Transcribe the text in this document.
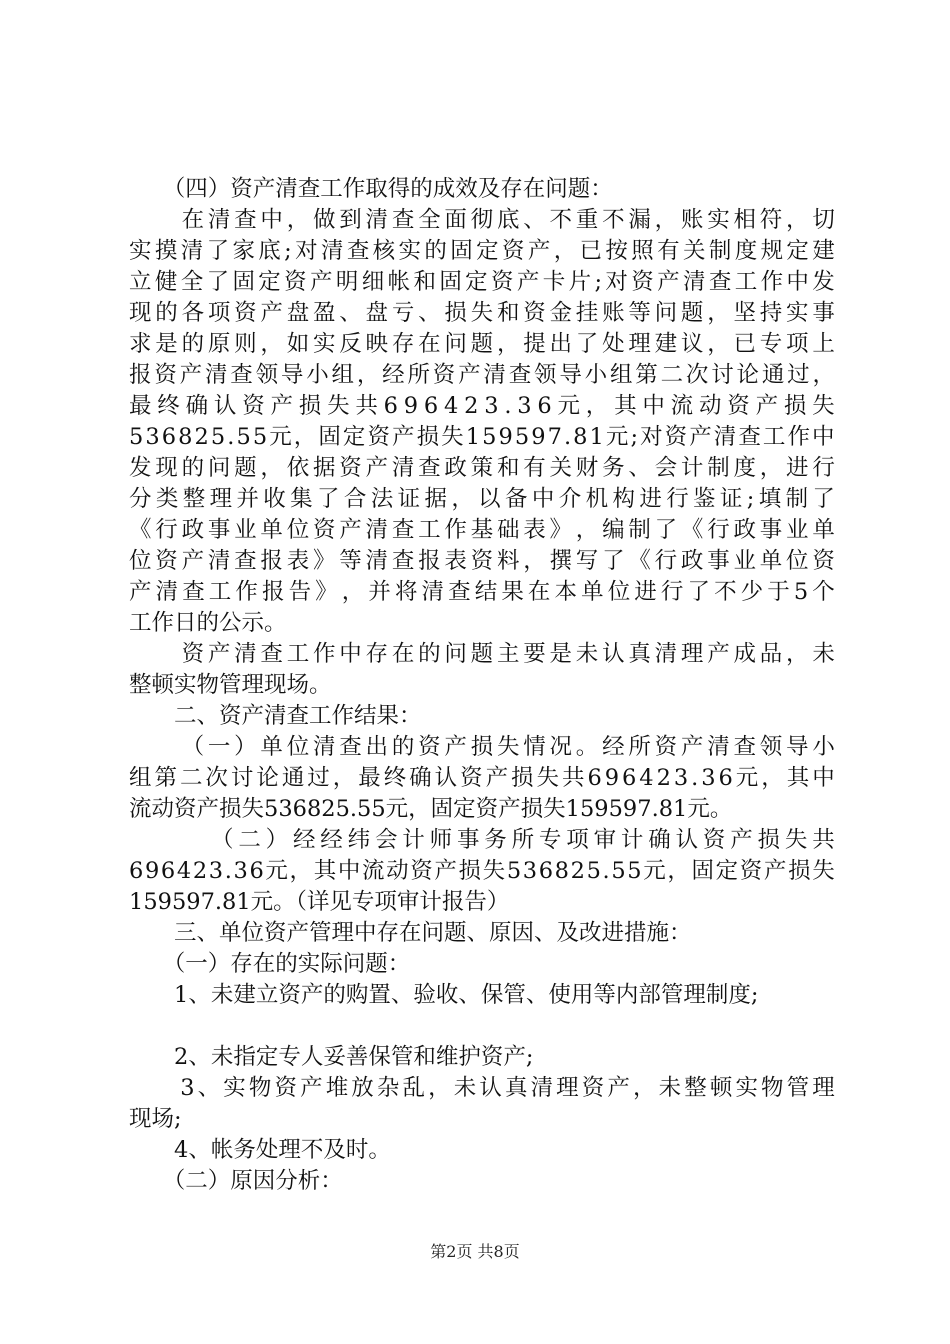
　　（四）资产清查工作取得的成效及存在问题：

在 清 查 中 ， 做 到 清 查 全 面 彻 底 、 不 重 不 漏 ， 账 实 相 符 ， 切
实 摸 清 了 家 底 ; 对 清 查 核 实 的 固 定 资 产 ， 已 按 照 有 关 制 度 规 定 建
立 健 全 了 固 定 资 产 明 细 帐 和 固 定 资 产 卡 片 ; 对 资 产 清 查 工 作 中 发
现 的 各 项 资 产 盘 盈 、 盘 亏 、 损 失 和 资 金 挂 账 等 问 题 ， 坚 持 实 事
求 是 的 原 则 ， 如 实 反 映 存 在 问 题 ， 提 出 了 处 理 建 议 ， 已 专 项 上
报 资 产 清 查 领 导 小 组 ， 经 所 资 产 清 查 领 导 小 组 第 二 次 讨 论 通 过 ，
最 终 确 认 资 产 损 失 共 6 9 6 4 2 3 . 3 6 元 ， 其 中 流 动 资 产 损 失
5 3 6 8 2 5 . 5 5 元 ， 固 定 资 产 损 失 1 5 9 5 9 7 . 8 1 元 ; 对 资 产 清 查 工 作 中
发 现 的 问 题 ， 依 据 资 产 清 查 政 策 和 有 关 财 务 、 会 计 制 度 ， 进 行
分 类 整 理 并 收 集 了 合 法 证 据 ， 以 备 中 介 机 构 进 行 鉴 证 ; 填 制 了
《 行 政 事 业 单 位 资 产 清 查 工 作 基 础 表 》 ， 编 制 了 《 行 政 事 业 单
位 资 产 清 查 报 表 》 等 清 查 报 表 资 料 ， 撰 写 了 《 行 政 事 业 单 位 资
产 清 查 工 作 报 告 》 ， 并 将 清 查 结 果 在 本 单 位 进 行 了 不 少 于 5 个
工作日的公示。

资 产 清 查 工 作 中 存 在 的 问 题 主 要 是 未 认 真 清 理 产 成 品 ， 未
整顿实物管理现场。
　　二、资产清查工作结果：

（ 一 ） 单 位 清 查 出 的 资 产 损 失 情 况 。 经 所 资 产 清 查 领 导 小
组 第 二 次 讨 论 通 过 ， 最 终 确 认 资 产 损 失 共 6 9 6 4 2 3 . 3 6 元 ， 其 中
流动资产损失536825.55元，固定资产损失159597.81元。

（ 二 ） 经 经 纬 会 计 师 事 务 所 专 项 审 计 确 认 资 产 损 失 共
6 9 6 4 2 3 . 3 6 元 ， 其 中 流 动 资 产 损 失 5 3 6 8 2 5 . 5 5 元 ， 固 定 资 产 损 失
159597.81元。（详见专项审计报告）
　　三、单位资产管理中存在问题、原因、及改进措施：
　　（一）存在的实际问题：
　　1、未建立资产的购置、验收、保管、使用等内部管理制度;
　　2、未指定专人妥善保管和维护资产;

3 、 实 物 资 产 堆 放 杂 乱 ， 未 认 真 清 理 资 产 ， 未 整 顿 实 物 管 理
现场;
　　4、帐务处理不及时。
　　（二）原因分析：
第2页 共8页
